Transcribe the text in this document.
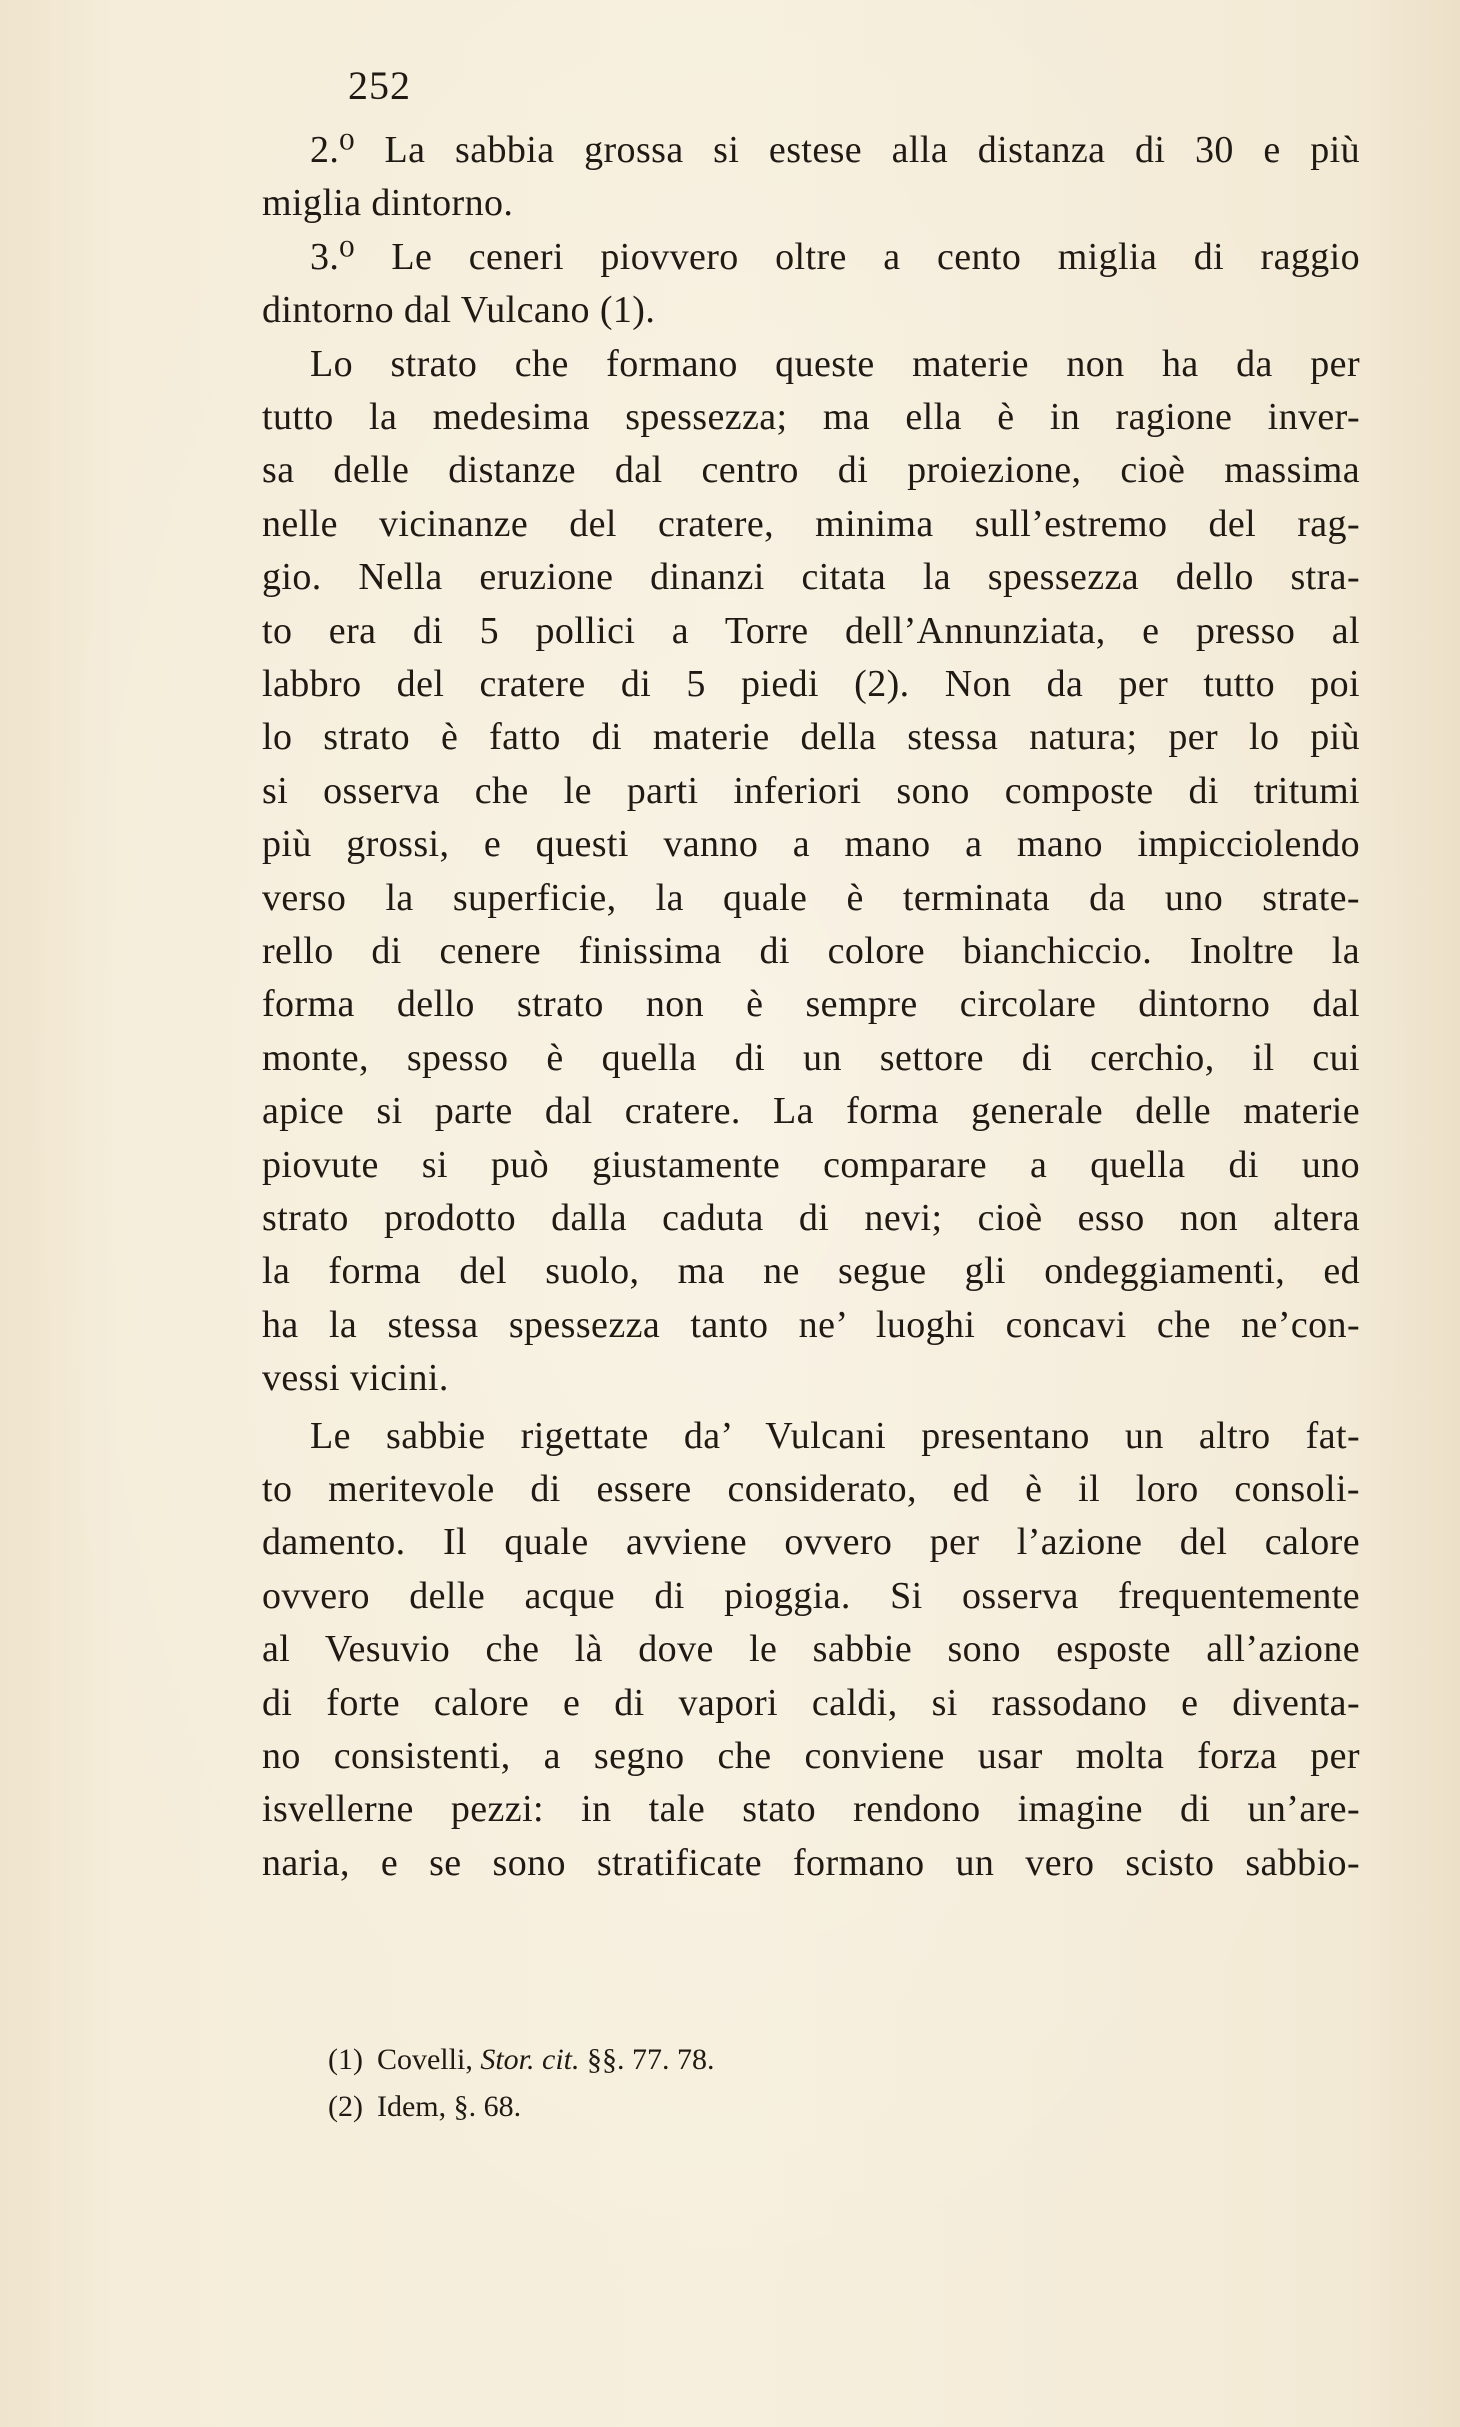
252
2.⁰ La sabbia grossa si estese alla distanza di 30 e più
miglia dintorno.
3.⁰ Le ceneri piovvero oltre a cento miglia di raggio
dintorno dal Vulcano (1).
Lo strato che formano queste materie non ha da per
tutto la medesima spessezza; ma ella è in ragione inver-
sa delle distanze dal centro di proiezione, cioè massima
nelle vicinanze del cratere, minima sull’estremo del rag-
gio. Nella eruzione dinanzi citata la spessezza dello stra-
to era di 5 pollici a Torre dell’Annunziata, e presso al
labbro del cratere di 5 piedi (2). Non da per tutto poi
lo strato è fatto di materie della stessa natura; per lo più
si osserva che le parti inferiori sono composte di tritumi
più grossi, e questi vanno a mano a mano impicciolendo
verso la superficie, la quale è terminata da uno strate-
rello di cenere finissima di colore bianchiccio. Inoltre la
forma dello strato non è sempre circolare dintorno dal
monte, spesso è quella di un settore di cerchio, il cui
apice si parte dal cratere. La forma generale delle materie
piovute si può giustamente comparare a quella di uno
strato prodotto dalla caduta di nevi; cioè esso non altera
la forma del suolo, ma ne segue gli ondeggiamenti, ed
ha la stessa spessezza tanto ne’ luoghi concavi che ne’con-
vessi vicini.
Le sabbie rigettate da’ Vulcani presentano un altro fat-
to meritevole di essere considerato, ed è il loro consoli-
damento. Il quale avviene ovvero per l’azione del calore
ovvero delle acque di pioggia. Si osserva frequentemente
al Vesuvio che là dove le sabbie sono esposte all’azione
di forte calore e di vapori caldi, si rassodano e diventa-
no consistenti, a segno che conviene usar molta forza per
isvellerne pezzi: in tale stato rendono imagine di un’are-
naria, e se sono stratificate formano un vero scisto sabbio-
(1) Covelli, Stor. cit. §§. 77. 78.
(2) Idem, §. 68.
